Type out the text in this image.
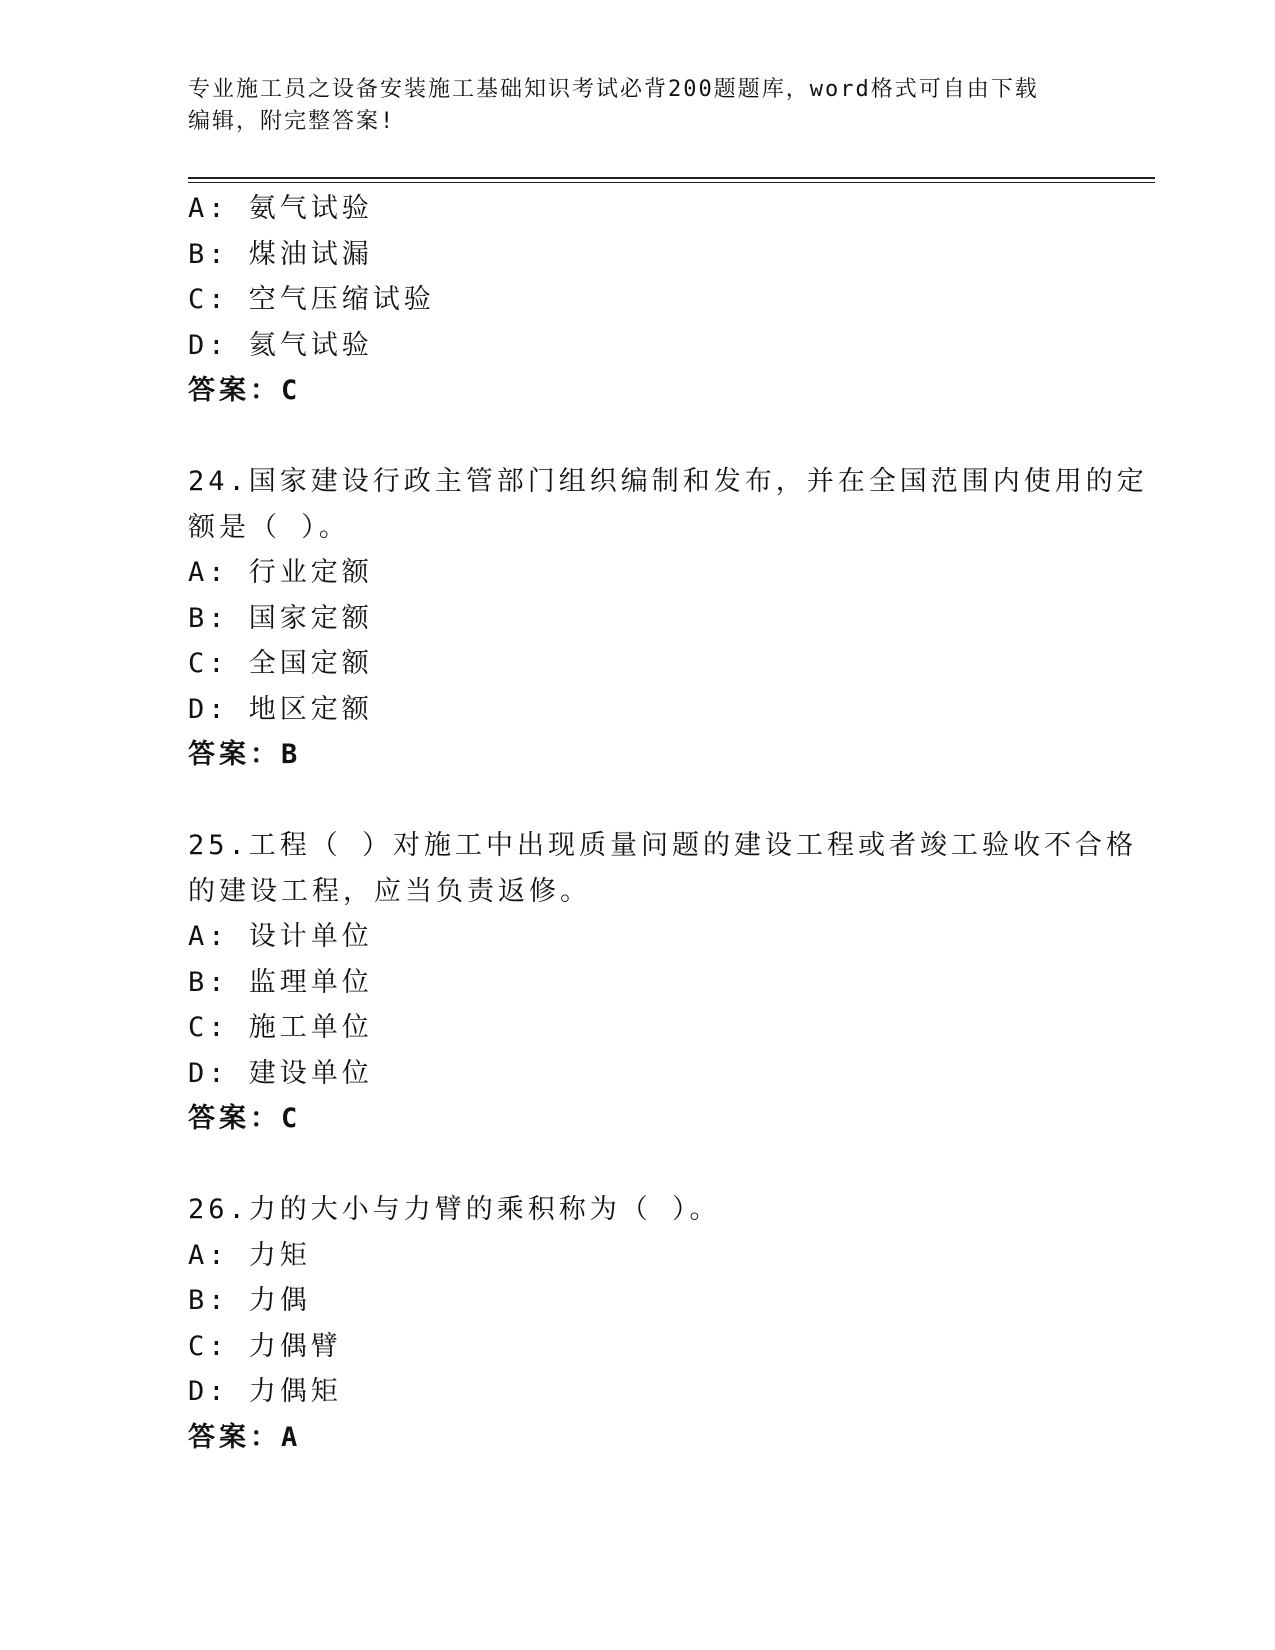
专业施工员之设备安装施工基础知识考试必背200题题库，word格式可自由下载
编辑，附完整答案!
A: 氨气试验
B: 煤油试漏
C: 空气压缩试验
D: 氦气试验
答案：C
24.国家建设行政主管部门组织编制和发布，并在全国范围内使用的定
额是（ ）。
A: 行业定额
B: 国家定额
C: 全国定额
D: 地区定额
答案：B
25.工程（ ）对施工中出现质量问题的建设工程或者竣工验收不合格
的建设工程，应当负责返修。
A: 设计单位
B: 监理单位
C: 施工单位
D: 建设单位
答案：C
26.力的大小与力臂的乘积称为（ ）。
A: 力矩
B: 力偶
C: 力偶臂
D: 力偶矩
答案：A
